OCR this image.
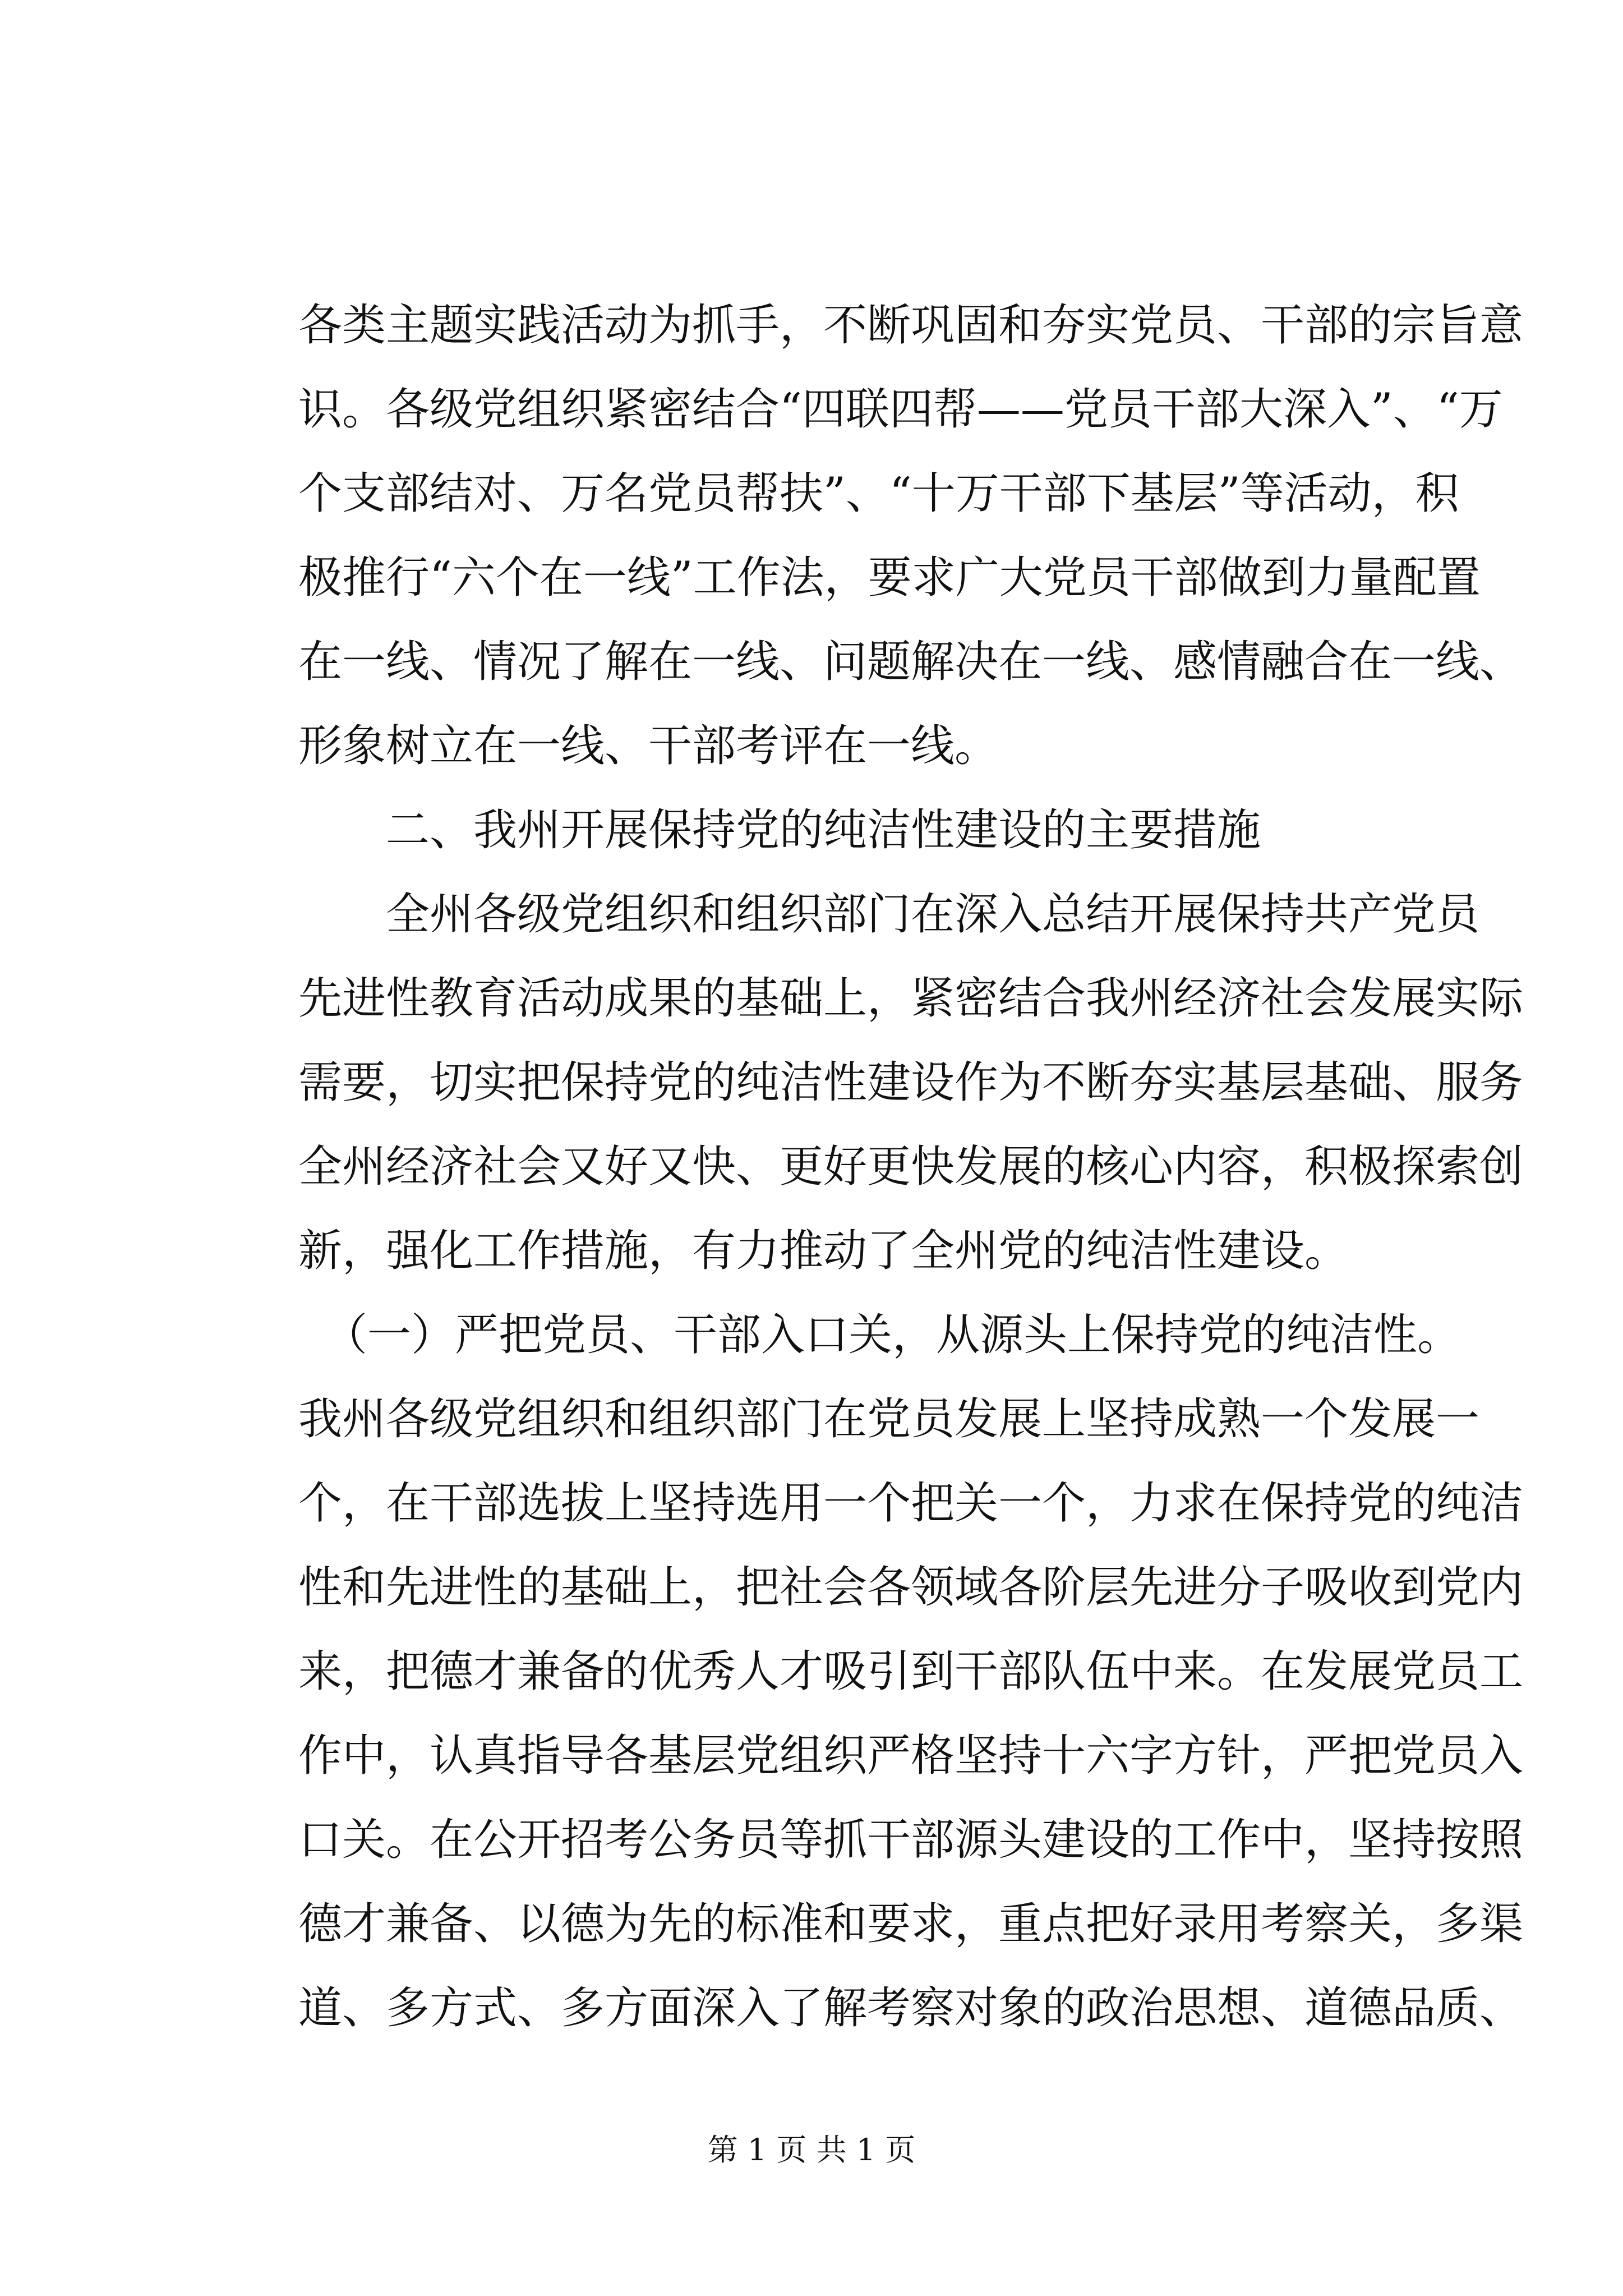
各类主题实践活动为抓手，不断巩固和夯实党员、干部的宗旨意
识。各级党组织紧密结合“四联四帮——党员干部大深入”、“万
个支部结对、万名党员帮扶”、“十万干部下基层”等活动，积
极推行“六个在一线”工作法，要求广大党员干部做到力量配置
在一线、情况了解在一线、问题解决在一线、感情融合在一线、
形象树立在一线、干部考评在一线。
二、我州开展保持党的纯洁性建设的主要措施
全州各级党组织和组织部门在深入总结开展保持共产党员
先进性教育活动成果的基础上，紧密结合我州经济社会发展实际
需要，切实把保持党的纯洁性建设作为不断夯实基层基础、服务
全州经济社会又好又快、更好更快发展的核心内容，积极探索创
新，强化工作措施，有力推动了全州党的纯洁性建设。
（一）严把党员、干部入口关，从源头上保持党的纯洁性。
我州各级党组织和组织部门在党员发展上坚持成熟一个发展一
个，在干部选拔上坚持选用一个把关一个，力求在保持党的纯洁
性和先进性的基础上，把社会各领域各阶层先进分子吸收到党内
来，把德才兼备的优秀人才吸引到干部队伍中来。在发展党员工
作中，认真指导各基层党组织严格坚持十六字方针，严把党员入
口关。在公开招考公务员等抓干部源头建设的工作中，坚持按照
德才兼备、以德为先的标准和要求，重点把好录用考察关，多渠
道、多方式、多方面深入了解考察对象的政治思想、道德品质、
第 1 页 共 1 页
